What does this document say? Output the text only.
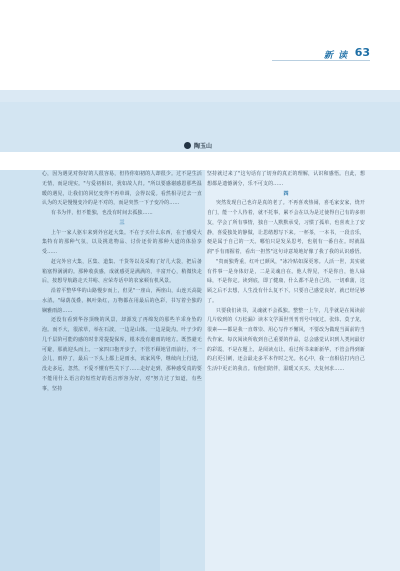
新 读 63
陶玉山

心，因为遇见对你好的人很容易，但待你如初的人却很少。过不是生活无情，而是现实。"与爱初相识，犹如故人归。"所以要感谢感恩那些温暖的遇见，让我们的回忆变得不再单调，会得以爱。看然相寻过去一直认为的天是慢慢变冷的是不对的，而是突然一下子变冷的……

有书为伴，但不能独，也没有时间去孤独……

三

上午一家人驱车来到外官赶大集。不在于买什么东西，在于感受大集特有的那种气氛，以及挑选物品、讨价还价的那种大道的体验享受……

赶完外官大集，区集、道集、干货等以及采购了好几大袋，把后备箱塞得满满的。那种收获感，成就感更是满满的，丰富开心，稍微快走后，按想导航路走天井峪、应荣寿话中的农家顿有机风景。

沿着平整华华的山路慢步而上，但见"一座山，两座山，山连天高陡水清。"绿荫茂叠，枫叶染红，万物都在用最后的色彩，书写着全独的娴雅雨韵……

还没有看到华谷顶晚的风景，却源发了再绵发的那些羊乖身坠的泡。而不大，很浓草，举在石波，一边是山体，一边是陡沟。叶子少的几千层阶可能的感的时非常提提保库，根本没有避雨的地方。既然避无可避，那就迎头而上。一家四口抱开步子，不管不顾地冒雨前行，不一会儿，雨停了，最后一下头上都上是雨水，该家风华，继续向上行进，没走多远，忽然，不爱不懂有些关下了……走好走到，那种感受真的要不能用什么语言的短性好的语言形容为好，对"努力过了知道，有些事，坚持

坚持就过来了"这句话有了切身的真正的理解，认识和感悟。自此，想想都是遗憾满分，乐不可支的……

四

突然发现自己也许是真的老了。不再喜欢热闹，喜毛家安家，烧开自门，能一个人待着，就不托事，累不会在以为是过使得自己有的多朋友，学会了所有事情，独自一人默默承受，习惯了孤单，也喜欢上了安静，喜爱独处的静做，让思绪想写下来。一杯茶，一本书，一段音乐，便是属于自己的一天。哪怕只是发呆思考，也别有一番自在。时就温润"手有雨握着，看出一担然"这句诗意境地好像了我了我的认识感悟。

"贵而独秀重，红叶已颜风，"冰冷贴如深更寒。人活一世，其实就有件事一是身体好是，二是灵魂自在。他人得见，不是你自，他人碌碌，不是你定。读到底，即了健康，什么都不是自己的。一切难蒲，这顾之后不去想，人生没有什么复不下。只要自己感觉良好，就已经足够了。

只要我们读书，灵魂就不会孤独。整整一上午，几乎就是在阅读前几片收到的《万松漏》读本文学面世刊刊刊号中度过。张炜、莫子龙，很素——都是我一直尊崇、用心写作不懈风，不要改为做现当面前的当代作家。每次阅读所收到自己重要的作品，总会感觉认识到人类问最好的彩霞，不是在题上，是阅读点让。看过所书来新新华，不管会得到新的启更引刺，还会最走多平本作时之光。名心中，我一直相信打内自己生活中更正的我音。有他们陪伴，温暖又买买、夫复何求……
